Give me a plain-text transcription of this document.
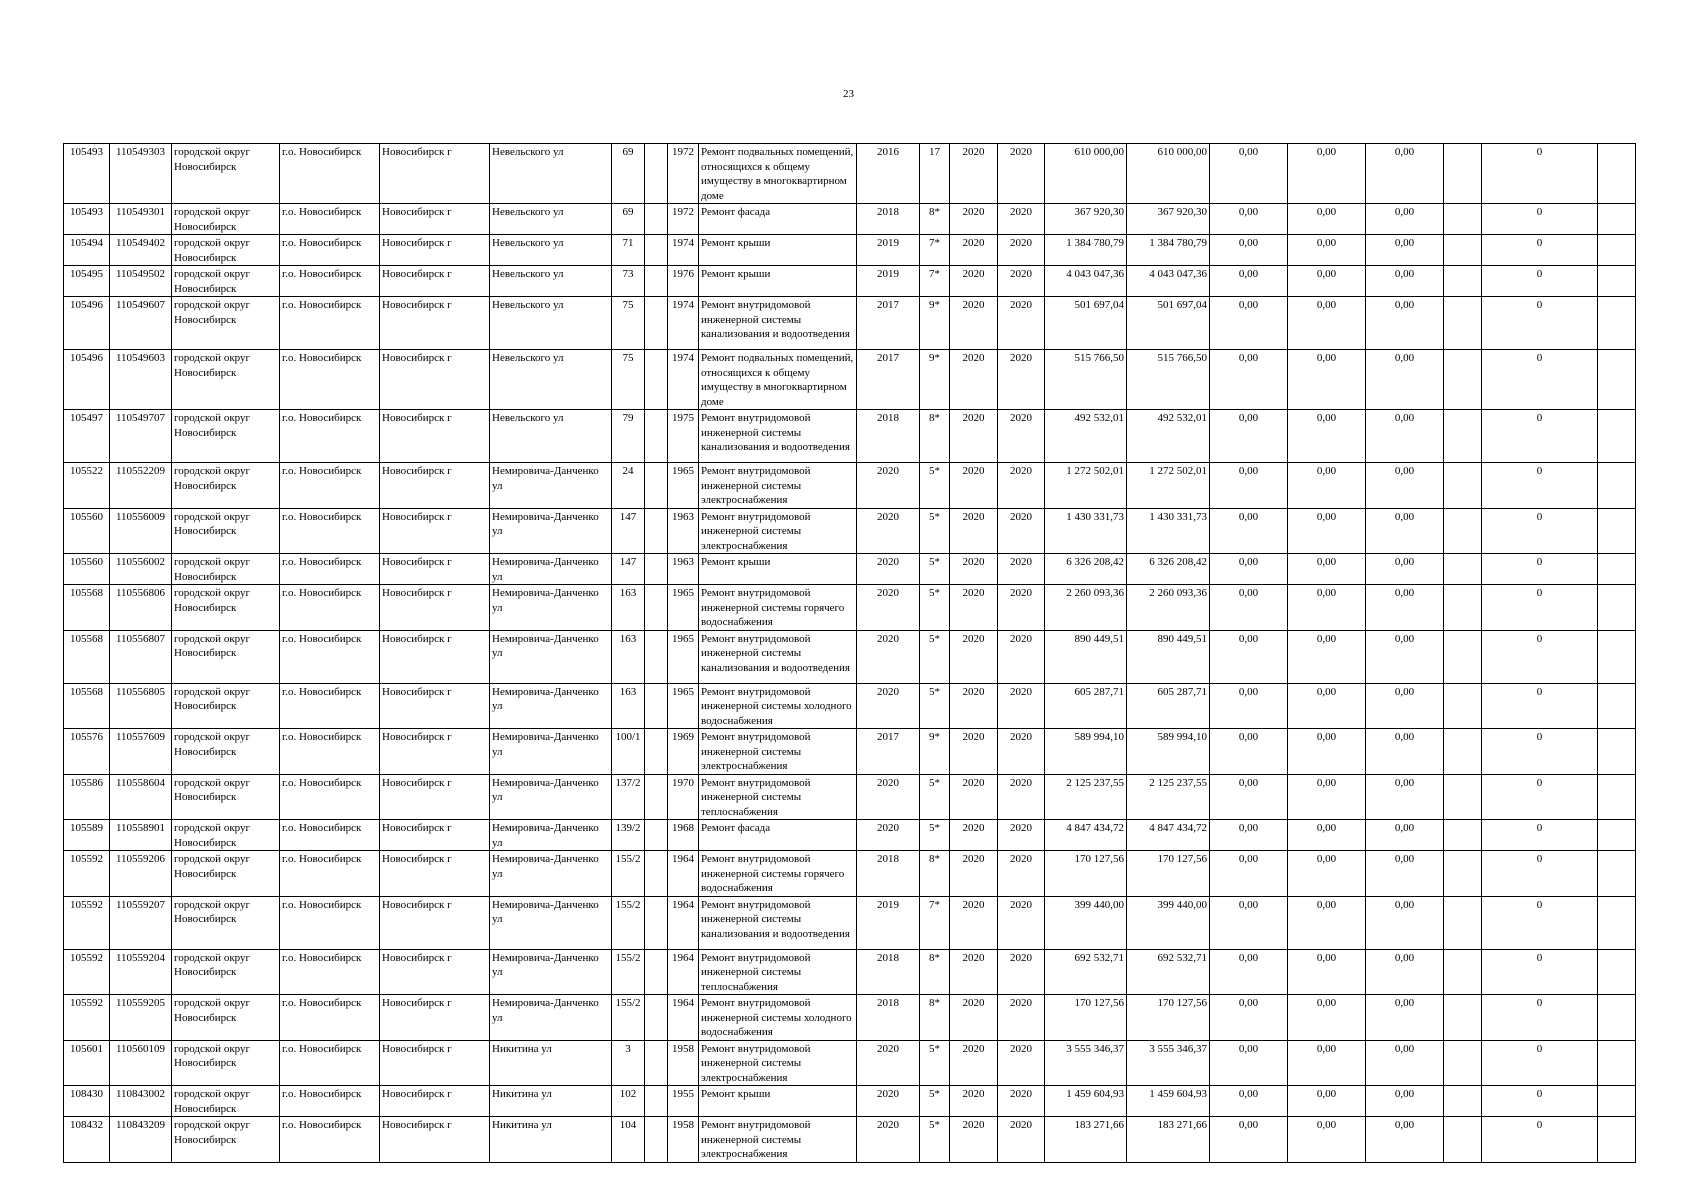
23
105493	110549303	городской округ Новосибирск	г.о. Новосибирск	Новосибирск г	Невельского ул	69		1972	Ремонт подвальных помещений, относящихся к общему имуществу в многоквартирном доме	2016	17	2020	2020	610 000,00	610 000,00	0,00	0,00	0,00		0	
105493	110549301	городской округ Новосибирск	г.о. Новосибирск	Новосибирск г	Невельского ул	69		1972	Ремонт фасада	2018	8*	2020	2020	367 920,30	367 920,30	0,00	0,00	0,00		0	
105494	110549402	городской округ Новосибирск	г.о. Новосибирск	Новосибирск г	Невельского ул	71		1974	Ремонт крыши	2019	7*	2020	2020	1 384 780,79	1 384 780,79	0,00	0,00	0,00		0	
105495	110549502	городской округ Новосибирск	г.о. Новосибирск	Новосибирск г	Невельского ул	73		1976	Ремонт крыши	2019	7*	2020	2020	4 043 047,36	4 043 047,36	0,00	0,00	0,00		0	
105496	110549607	городской округ Новосибирск	г.о. Новосибирск	Новосибирск г	Невельского ул	75		1974	Ремонт внутридомовой инженерной системы канализования и водоотведения	2017	9*	2020	2020	501 697,04	501 697,04	0,00	0,00	0,00		0	
105496	110549603	городской округ Новосибирск	г.о. Новосибирск	Новосибирск г	Невельского ул	75		1974	Ремонт подвальных помещений, относящихся к общему имуществу в многоквартирном доме	2017	9*	2020	2020	515 766,50	515 766,50	0,00	0,00	0,00		0	
105497	110549707	городской округ Новосибирск	г.о. Новосибирск	Новосибирск г	Невельского ул	79		1975	Ремонт внутридомовой инженерной системы канализования и водоотведения	2018	8*	2020	2020	492 532,01	492 532,01	0,00	0,00	0,00		0	
105522	110552209	городской округ Новосибирск	г.о. Новосибирск	Новосибирск г	Немировича-Данченко ул	24		1965	Ремонт внутридомовой инженерной системы электроснабжения	2020	5*	2020	2020	1 272 502,01	1 272 502,01	0,00	0,00	0,00		0	
105560	110556009	городской округ Новосибирск	г.о. Новосибирск	Новосибирск г	Немировича-Данченко ул	147		1963	Ремонт внутридомовой инженерной системы электроснабжения	2020	5*	2020	2020	1 430 331,73	1 430 331,73	0,00	0,00	0,00		0	
105560	110556002	городской округ Новосибирск	г.о. Новосибирск	Новосибирск г	Немировича-Данченко ул	147		1963	Ремонт крыши	2020	5*	2020	2020	6 326 208,42	6 326 208,42	0,00	0,00	0,00		0	
105568	110556806	городской округ Новосибирск	г.о. Новосибирск	Новосибирск г	Немировича-Данченко ул	163		1965	Ремонт внутридомовой инженерной системы горячего водоснабжения	2020	5*	2020	2020	2 260 093,36	2 260 093,36	0,00	0,00	0,00		0	
105568	110556807	городской округ Новосибирск	г.о. Новосибирск	Новосибирск г	Немировича-Данченко ул	163		1965	Ремонт внутридомовой инженерной системы канализования и водоотведения	2020	5*	2020	2020	890 449,51	890 449,51	0,00	0,00	0,00		0	
105568	110556805	городской округ Новосибирск	г.о. Новосибирск	Новосибирск г	Немировича-Данченко ул	163		1965	Ремонт внутридомовой инженерной системы холодного водоснабжения	2020	5*	2020	2020	605 287,71	605 287,71	0,00	0,00	0,00		0	
105576	110557609	городской округ Новосибирск	г.о. Новосибирск	Новосибирск г	Немировича-Данченко ул	100/1		1969	Ремонт внутридомовой инженерной системы электроснабжения	2017	9*	2020	2020	589 994,10	589 994,10	0,00	0,00	0,00		0	
105586	110558604	городской округ Новосибирск	г.о. Новосибирск	Новосибирск г	Немировича-Данченко ул	137/2		1970	Ремонт внутридомовой инженерной системы теплоснабжения	2020	5*	2020	2020	2 125 237,55	2 125 237,55	0,00	0,00	0,00		0	
105589	110558901	городской округ Новосибирск	г.о. Новосибирск	Новосибирск г	Немировича-Данченко ул	139/2		1968	Ремонт фасада	2020	5*	2020	2020	4 847 434,72	4 847 434,72	0,00	0,00	0,00		0	
105592	110559206	городской округ Новосибирск	г.о. Новосибирск	Новосибирск г	Немировича-Данченко ул	155/2		1964	Ремонт внутридомовой инженерной системы горячего водоснабжения	2018	8*	2020	2020	170 127,56	170 127,56	0,00	0,00	0,00		0	
105592	110559207	городской округ Новосибирск	г.о. Новосибирск	Новосибирск г	Немировича-Данченко ул	155/2		1964	Ремонт внутридомовой инженерной системы канализования и водоотведения	2019	7*	2020	2020	399 440,00	399 440,00	0,00	0,00	0,00		0	
105592	110559204	городской округ Новосибирск	г.о. Новосибирск	Новосибирск г	Немировича-Данченко ул	155/2		1964	Ремонт внутридомовой инженерной системы теплоснабжения	2018	8*	2020	2020	692 532,71	692 532,71	0,00	0,00	0,00		0	
105592	110559205	городской округ Новосибирск	г.о. Новосибирск	Новосибирск г	Немировича-Данченко ул	155/2		1964	Ремонт внутридомовой инженерной системы холодного водоснабжения	2018	8*	2020	2020	170 127,56	170 127,56	0,00	0,00	0,00		0	
105601	110560109	городской округ Новосибирск	г.о. Новосибирск	Новосибирск г	Никитина ул	3		1958	Ремонт внутридомовой инженерной системы электроснабжения	2020	5*	2020	2020	3 555 346,37	3 555 346,37	0,00	0,00	0,00		0	
108430	110843002	городской округ Новосибирск	г.о. Новосибирск	Новосибирск г	Никитина ул	102		1955	Ремонт крыши	2020	5*	2020	2020	1 459 604,93	1 459 604,93	0,00	0,00	0,00		0	
108432	110843209	городской округ Новосибирск	г.о. Новосибирск	Новосибирск г	Никитина ул	104		1958	Ремонт внутридомовой инженерной системы электроснабжения	2020	5*	2020	2020	183 271,66	183 271,66	0,00	0,00	0,00		0	
